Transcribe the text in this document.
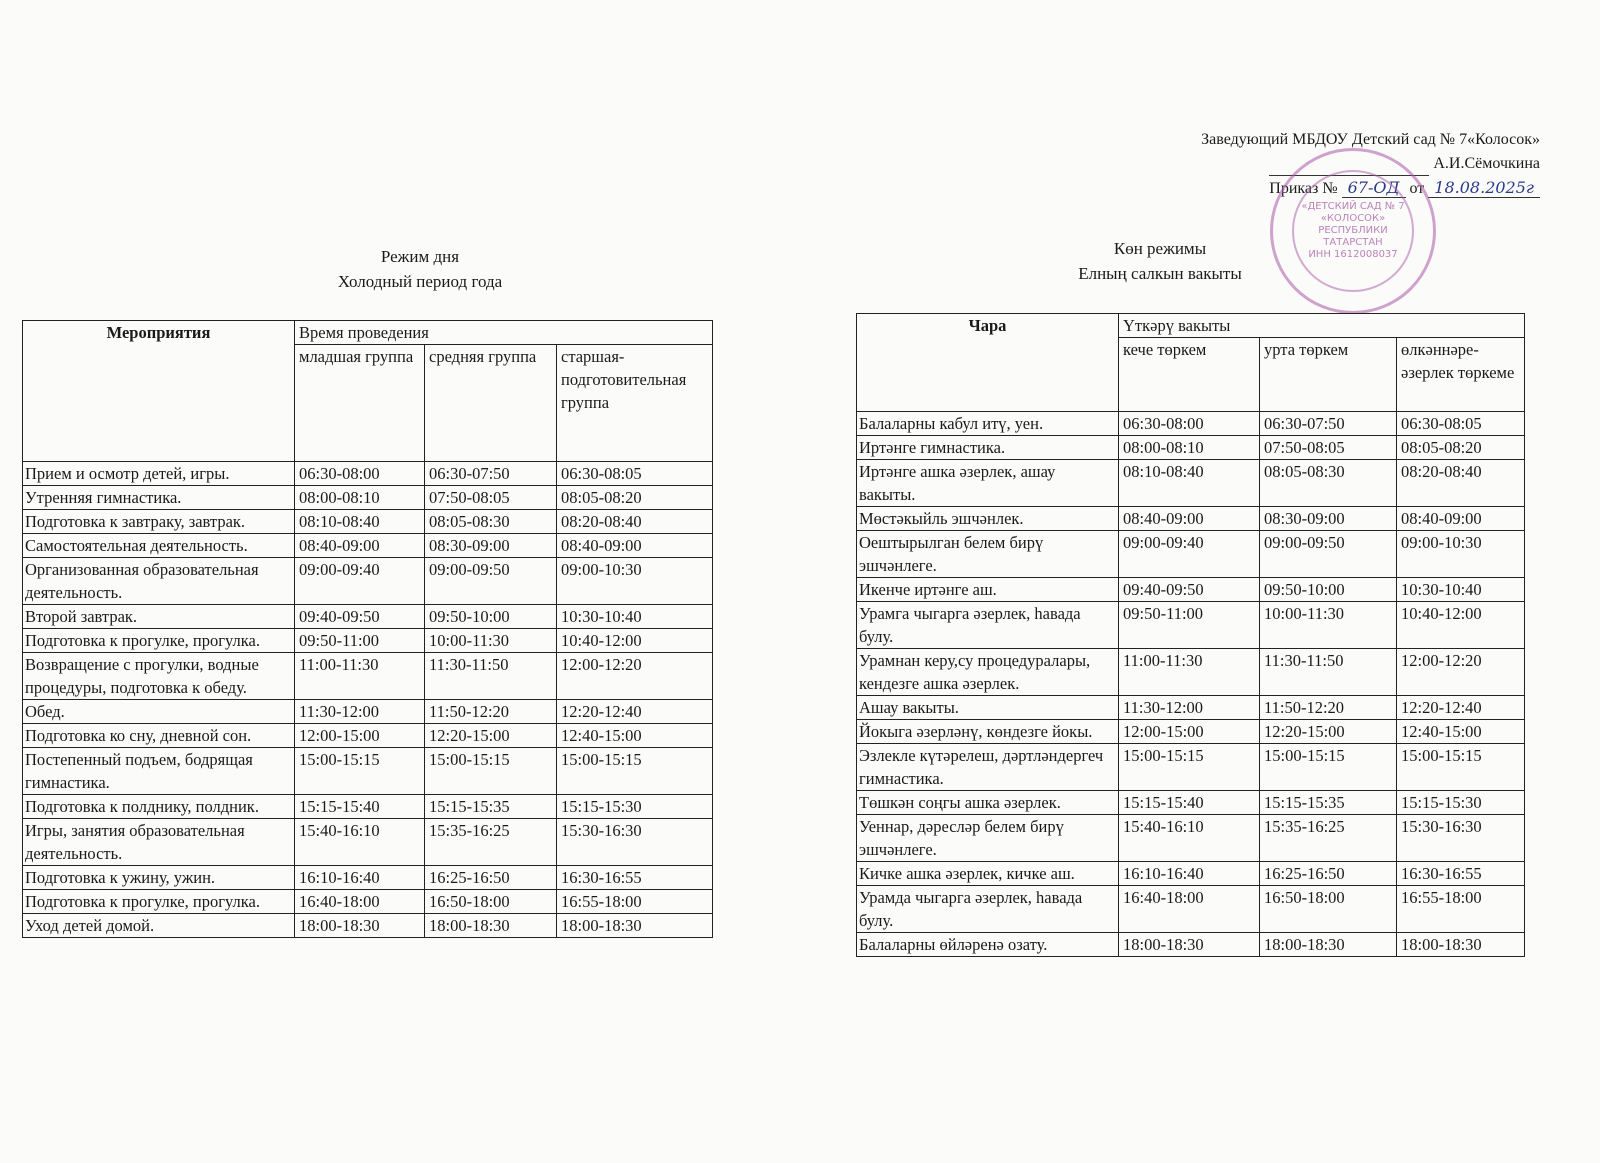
Заведующий МБДОУ Детский сад № 7«Колосок»
А.И.Сёмочкина
Приказ № 67-ОД от 18.08.2025г
«ДЕТСКИЙ САД № 7
«КОЛОСОК»
РЕСПУБЛИКИ ТАТАРСТАН
ИНН 1612008037
Режим дня
Холодный период года
Көн режимы
Елның салкын вакыты
Мероприятия	Время проведения		
	младшая группа	средняя группа	старшая-подготовительная группа
Прием и осмотр детей, игры.	06:30-08:00	06:30-07:50	06:30-08:05
Утренняя гимнастика.	08:00-08:10	07:50-08:05	08:05-08:20
Подготовка к завтраку, завтрак.	08:10-08:40	08:05-08:30	08:20-08:40
Самостоятельная деятельность.	08:40-09:00	08:30-09:00	08:40-09:00
Организованная образовательная деятельность.	09:00-09:40	09:00-09:50	09:00-10:30
Второй завтрак.	09:40-09:50	09:50-10:00	10:30-10:40
Подготовка к прогулке, прогулка.	09:50-11:00	10:00-11:30	10:40-12:00
Возвращение с прогулки, водные процедуры, подготовка к обеду.	11:00-11:30	11:30-11:50	12:00-12:20
Обед.	11:30-12:00	11:50-12:20	12:20-12:40
Подготовка ко сну, дневной сон.	12:00-15:00	12:20-15:00	12:40-15:00
Постепенный подъем, бодрящая гимнастика.	15:00-15:15	15:00-15:15	15:00-15:15
Подготовка к полднику, полдник.	15:15-15:40	15:15-15:35	15:15-15:30
Игры, занятия образовательная деятельность.	15:40-16:10	15:35-16:25	15:30-16:30
Подготовка к ужину, ужин.	16:10-16:40	16:25-16:50	16:30-16:55
Подготовка к прогулке, прогулка.	16:40-18:00	16:50-18:00	16:55-18:00
Уход детей домой.	18:00-18:30	18:00-18:30	18:00-18:30
Чара	Үткәрү вакыты		
	кече төркем	урта төркем	өлкәннәре-әзерлек төркеме
Балаларны кабул итү, уен.	06:30-08:00	06:30-07:50	06:30-08:05
Иртәнге гимнастика.	08:00-08:10	07:50-08:05	08:05-08:20
Иртәнге ашка әзерлек, ашау вакыты.	08:10-08:40	08:05-08:30	08:20-08:40
Мөстәкыйль эшчәнлек.	08:40-09:00	08:30-09:00	08:40-09:00
Оештырылган белем бирү эшчәнлеге.	09:00-09:40	09:00-09:50	09:00-10:30
Икенче иртәнге аш.	09:40-09:50	09:50-10:00	10:30-10:40
Урамга чыгарга әзерлек, һавада булу.	09:50-11:00	10:00-11:30	10:40-12:00
Урамнан керу,су процедуралары, кендезге ашка әзерлек.	11:00-11:30	11:30-11:50	12:00-12:20
Ашау вакыты.	11:30-12:00	11:50-12:20	12:20-12:40
Йокыга әзерләнү, көндезге йокы.	12:00-15:00	12:20-15:00	12:40-15:00
Эзлекле күтәрелеш, дәртләндергеч гимнастика.	15:00-15:15	15:00-15:15	15:00-15:15
Төшкән соңгы ашка әзерлек.	15:15-15:40	15:15-15:35	15:15-15:30
Уеннар, дәресләр белем бирү эшчәнлеге.	15:40-16:10	15:35-16:25	15:30-16:30
Кичке ашка әзерлек, кичке аш.	16:10-16:40	16:25-16:50	16:30-16:55
Урамда чыгарга әзерлек, һавада булу.	16:40-18:00	16:50-18:00	16:55-18:00
Балаларны өйләренә озату.	18:00-18:30	18:00-18:30	18:00-18:30
